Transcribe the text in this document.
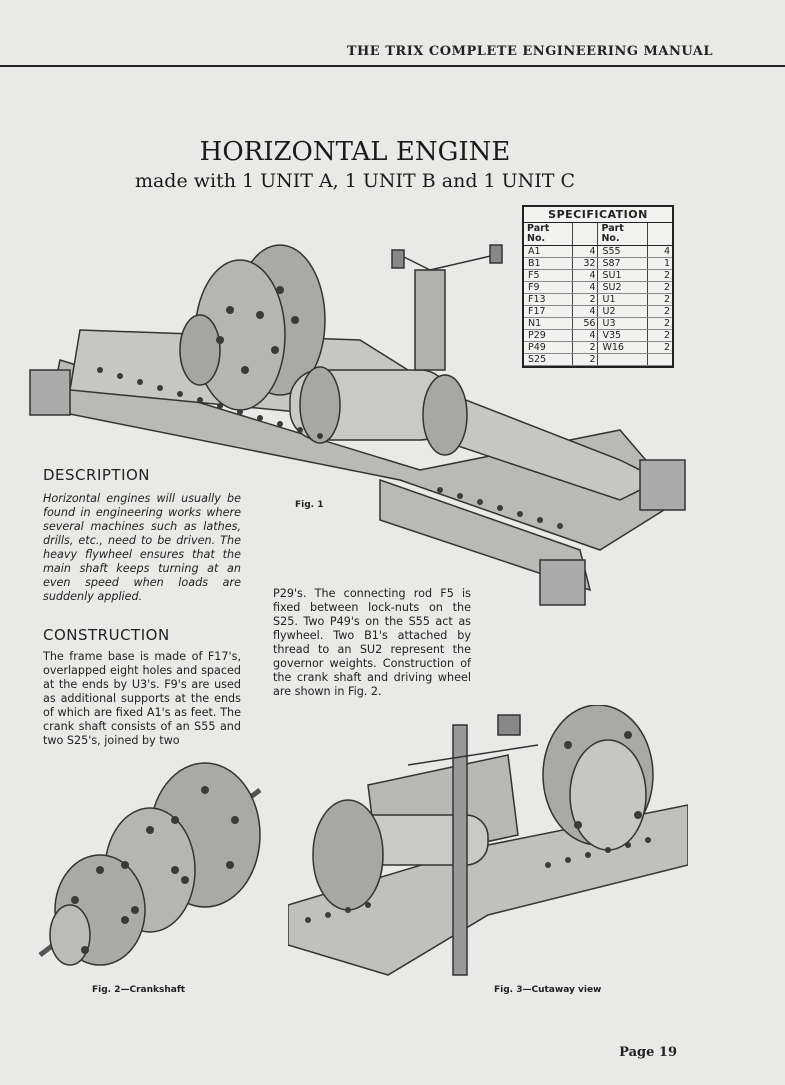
THE TRIX COMPLETE ENGINEERING MANUAL
HORIZONTAL ENGINE
made with 1 UNIT A, 1 UNIT B and 1 UNIT C
SPECIFICATION
Part No.		Part No.	
A1	4	S55	4
B1	32	S87	1
F5	4	SU1	2
F9	4	SU2	2
F13	2	U1	2
F17	4	U2	2
N1	56	U3	2
P29	4	V35	2
P49	2	W16	2
S25	2		
DESCRIPTION
Horizontal engines will usually be found in engineering works where several machines such as lathes, drills, etc., need to be driven. The heavy flywheel ensures that the main shaft keeps turning at an even speed when loads are suddenly applied.
Fig. 1
CONSTRUCTION
The frame base is made of F17's, overlapped eight holes and spaced at the ends by U3's. F9's are used as additional supports at the ends of which are fixed A1's as feet. The crank shaft consists of an S55 and two S25's, joined by two
P29's. The connecting rod F5 is fixed between lock-nuts on the S25. Two P49's on the S55 act as flywheel. Two B1's attached by thread to an SU2 represent the governor weights. Construction of the crank shaft and driving wheel are shown in Fig. 2.
Fig. 2—Crankshaft	Fig. 3—Cutaway view
Page 19
